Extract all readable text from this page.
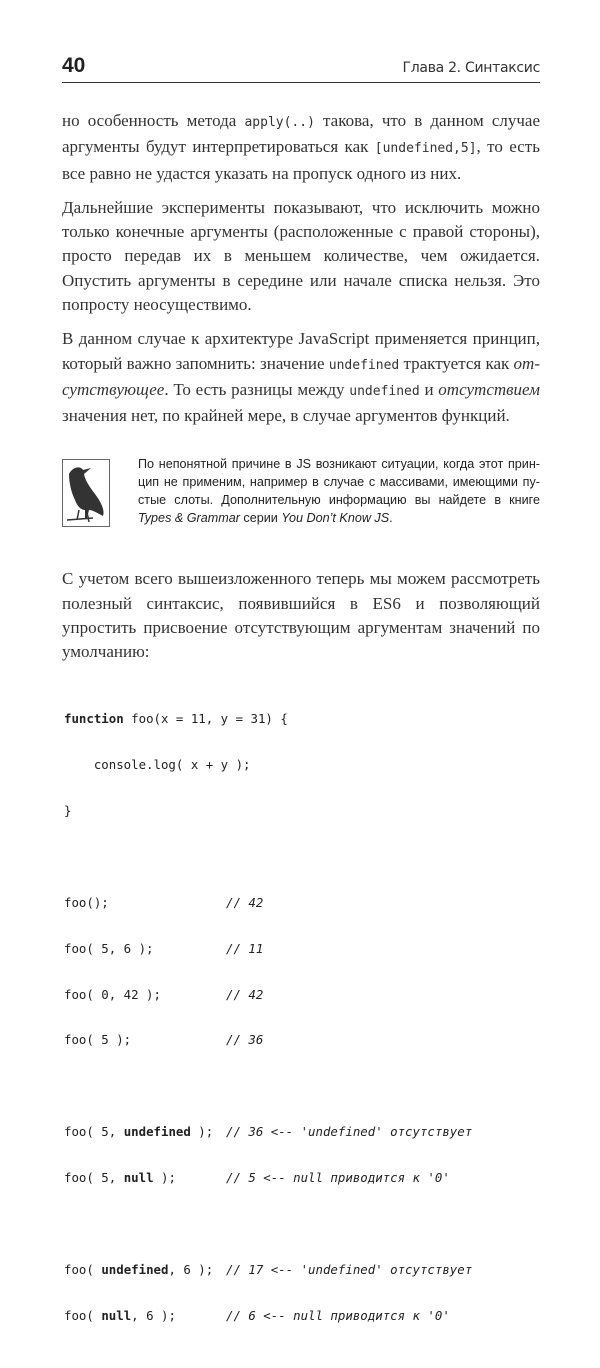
40	Глава 2. Синтаксис

но особенность метода apply(..) такова, что в данном случае аргументы будут интерпретироваться как [undefined,5], то есть все равно не удастся указать на пропуск одного из них.

Дальнейшие эксперименты показывают, что исключить можно только конечные аргументы (расположенные с правой стороны), просто передав их в меньшем количестве, чем ожидается. Опустить аргументы в середине или начале списка нельзя. Это попросту неосуществимо.

В данном случае к архитектуре JavaScript применяется принцип, который важно запомнить: значение undefined трактуется как отсутствующее. То есть разницы между undefined и отсутствием значения нет, по крайней мере, в случае аргументов функций.

По непонятной причине в JS возникают ситуации, когда этот принцип не применим, например в случае с массивами, имеющими пустые слоты. Дополнительную информацию вы найдете в книге Types & Grammar серии You Don’t Know JS.

С учетом всего вышеизложенного теперь мы можем рассмотреть полезный синтаксис, появившийся в ES6 и позволяющий упростить присвоение отсутствующим аргументам значений по умолчанию:

function foo(x = 11, y = 31) {

console.log( x + y );

}

foo();	// 42

foo( 5, 6 );	// 11

foo( 0, 42 );	// 42

foo( 5 );	// 36

foo( 5, undefined );	// 36 <-- 'undefined' отсутствует

foo( 5, null );	// 5 <-- null приводится к '0'

foo( undefined, 6 );	// 17 <-- 'undefined' отсутствует

foo( null, 6 );	// 6 <-- null приводится к '0'
